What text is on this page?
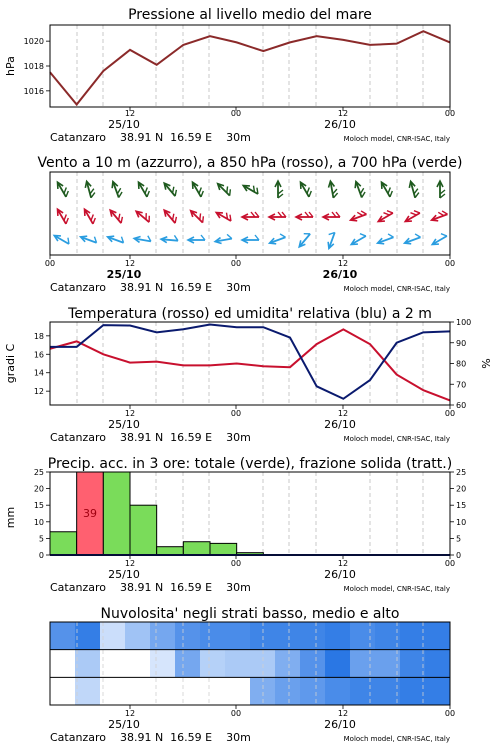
Pressione al livello medio del mare
12	00	12	00
25/10	26/10
Catanzaro    38.91 N  16.59 E    30m	Moloch model, CNR-ISAC, Italy
1016
1018
1020
hPa
Vento a 10 m (azzurro), a 850 hPa (rosso), a 700 hPa (verde)
00	12	00	12	00
25/10	26/10
Catanzaro    38.91 N  16.59 E    30m	Moloch model, CNR-ISAC, Italy
Temperatura (rosso) ed umidita' relativa (blu) a 2 m
12	00	12	00
25/10	26/10
Catanzaro    38.91 N  16.59 E    30m	Moloch model, CNR-ISAC, Italy
12
14
16
18
60
70
80
90
100
gradi C	%
Precip. acc. in 3 ore: totale (verde), frazione solida (tratt.)
12	00	12	00
25/10	26/10
Catanzaro    38.91 N  16.59 E    30m	Moloch model, CNR-ISAC, Italy
0	0
5	5
10	10
15	15
20	20
25	25
mm	39
Nuvolosita' negli strati basso, medio e alto
12	00	12	00
25/10	26/10
Catanzaro    38.91 N  16.59 E    30m	Moloch model, CNR-ISAC, Italy
